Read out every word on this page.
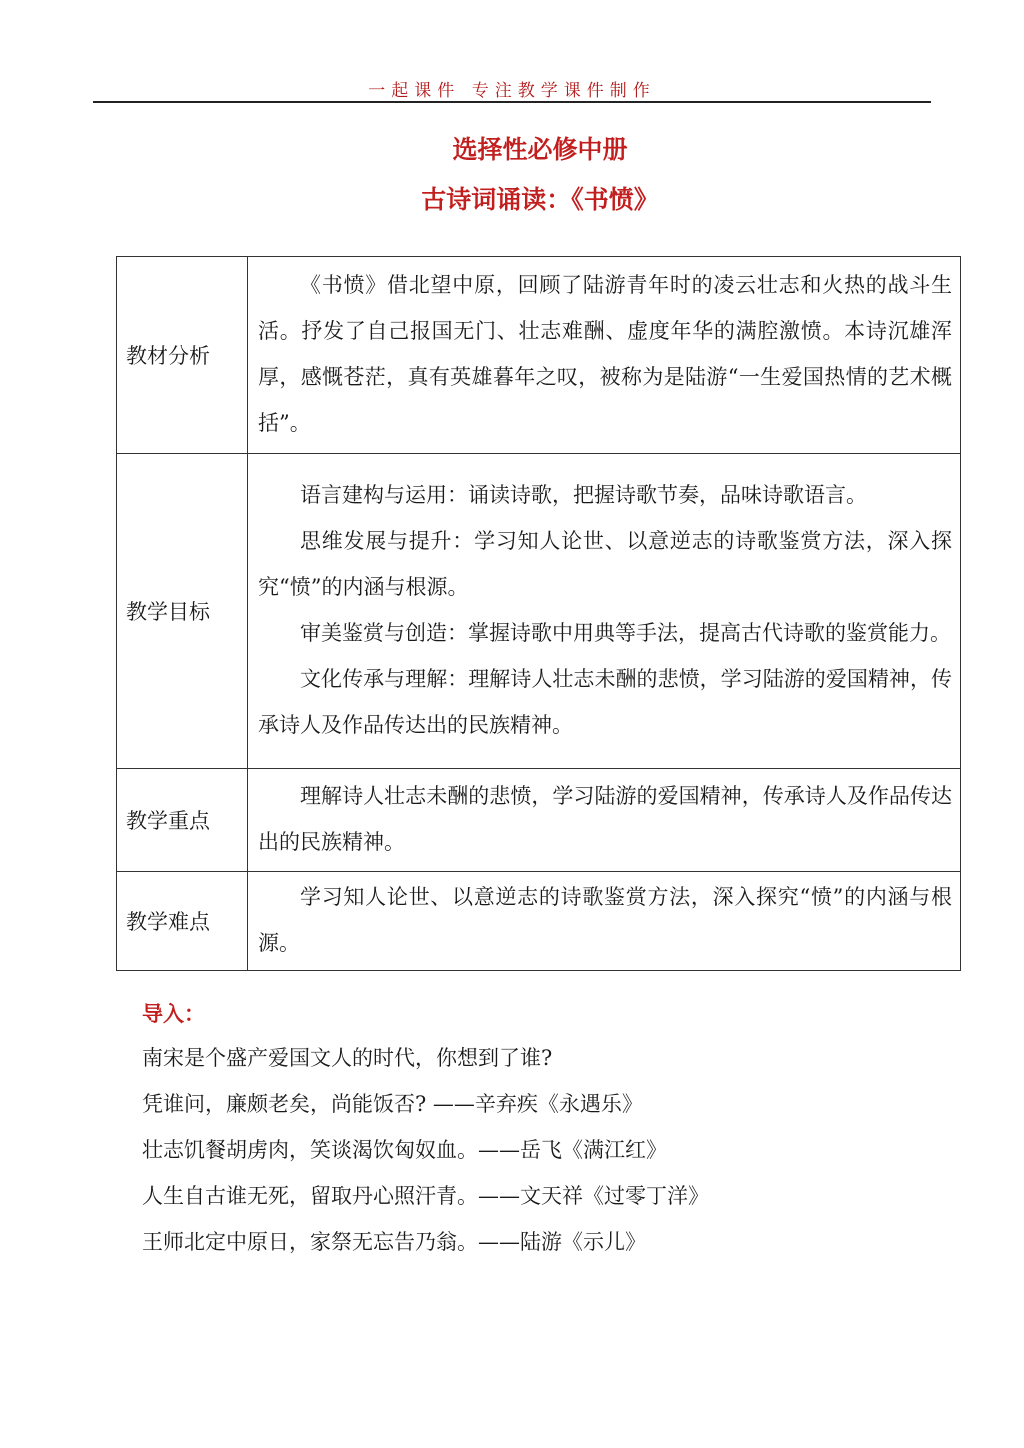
一起课件 专注教学课件制作
选择性必修中册
古诗词诵读：《书愤》
教材分析	《书愤》借北望中原，回顾了陆游青年时的凌云壮志和火热的战斗生活。抒发了自己报国无门、壮志难酬、虚度年华的满腔激愤。本诗沉雄浑厚，感慨苍茫，真有英雄暮年之叹，被称为是陆游“一生爱国热情的艺术概括”。

教学目标	语言建构与运用：诵读诗歌，把握诗歌节奏，品味诗歌语言。

思维发展与提升：学习知人论世、以意逆志的诗歌鉴赏方法，深入探究“愤”的内涵与根源。

审美鉴赏与创造：掌握诗歌中用典等手法，提高古代诗歌的鉴赏能力。

文化传承与理解：理解诗人壮志未酬的悲愤，学习陆游的爱国精神，传承诗人及作品传达出的民族精神。

教学重点	理解诗人壮志未酬的悲愤，学习陆游的爱国精神，传承诗人及作品传达出的民族精神。

教学难点	学习知人论世、以意逆志的诗歌鉴赏方法，深入探究“愤”的内涵与根源。

导入：
南宋是个盛产爱国文人的时代，你想到了谁?
凭谁问，廉颇老矣，尚能饭否? ——辛弃疾《永遇乐》
壮志饥餐胡虏肉，笑谈渴饮匈奴血。——岳飞《满江红》
人生自古谁无死，留取丹心照汗青。——文天祥《过零丁洋》
王师北定中原日，家祭无忘告乃翁。——陆游《示儿》
